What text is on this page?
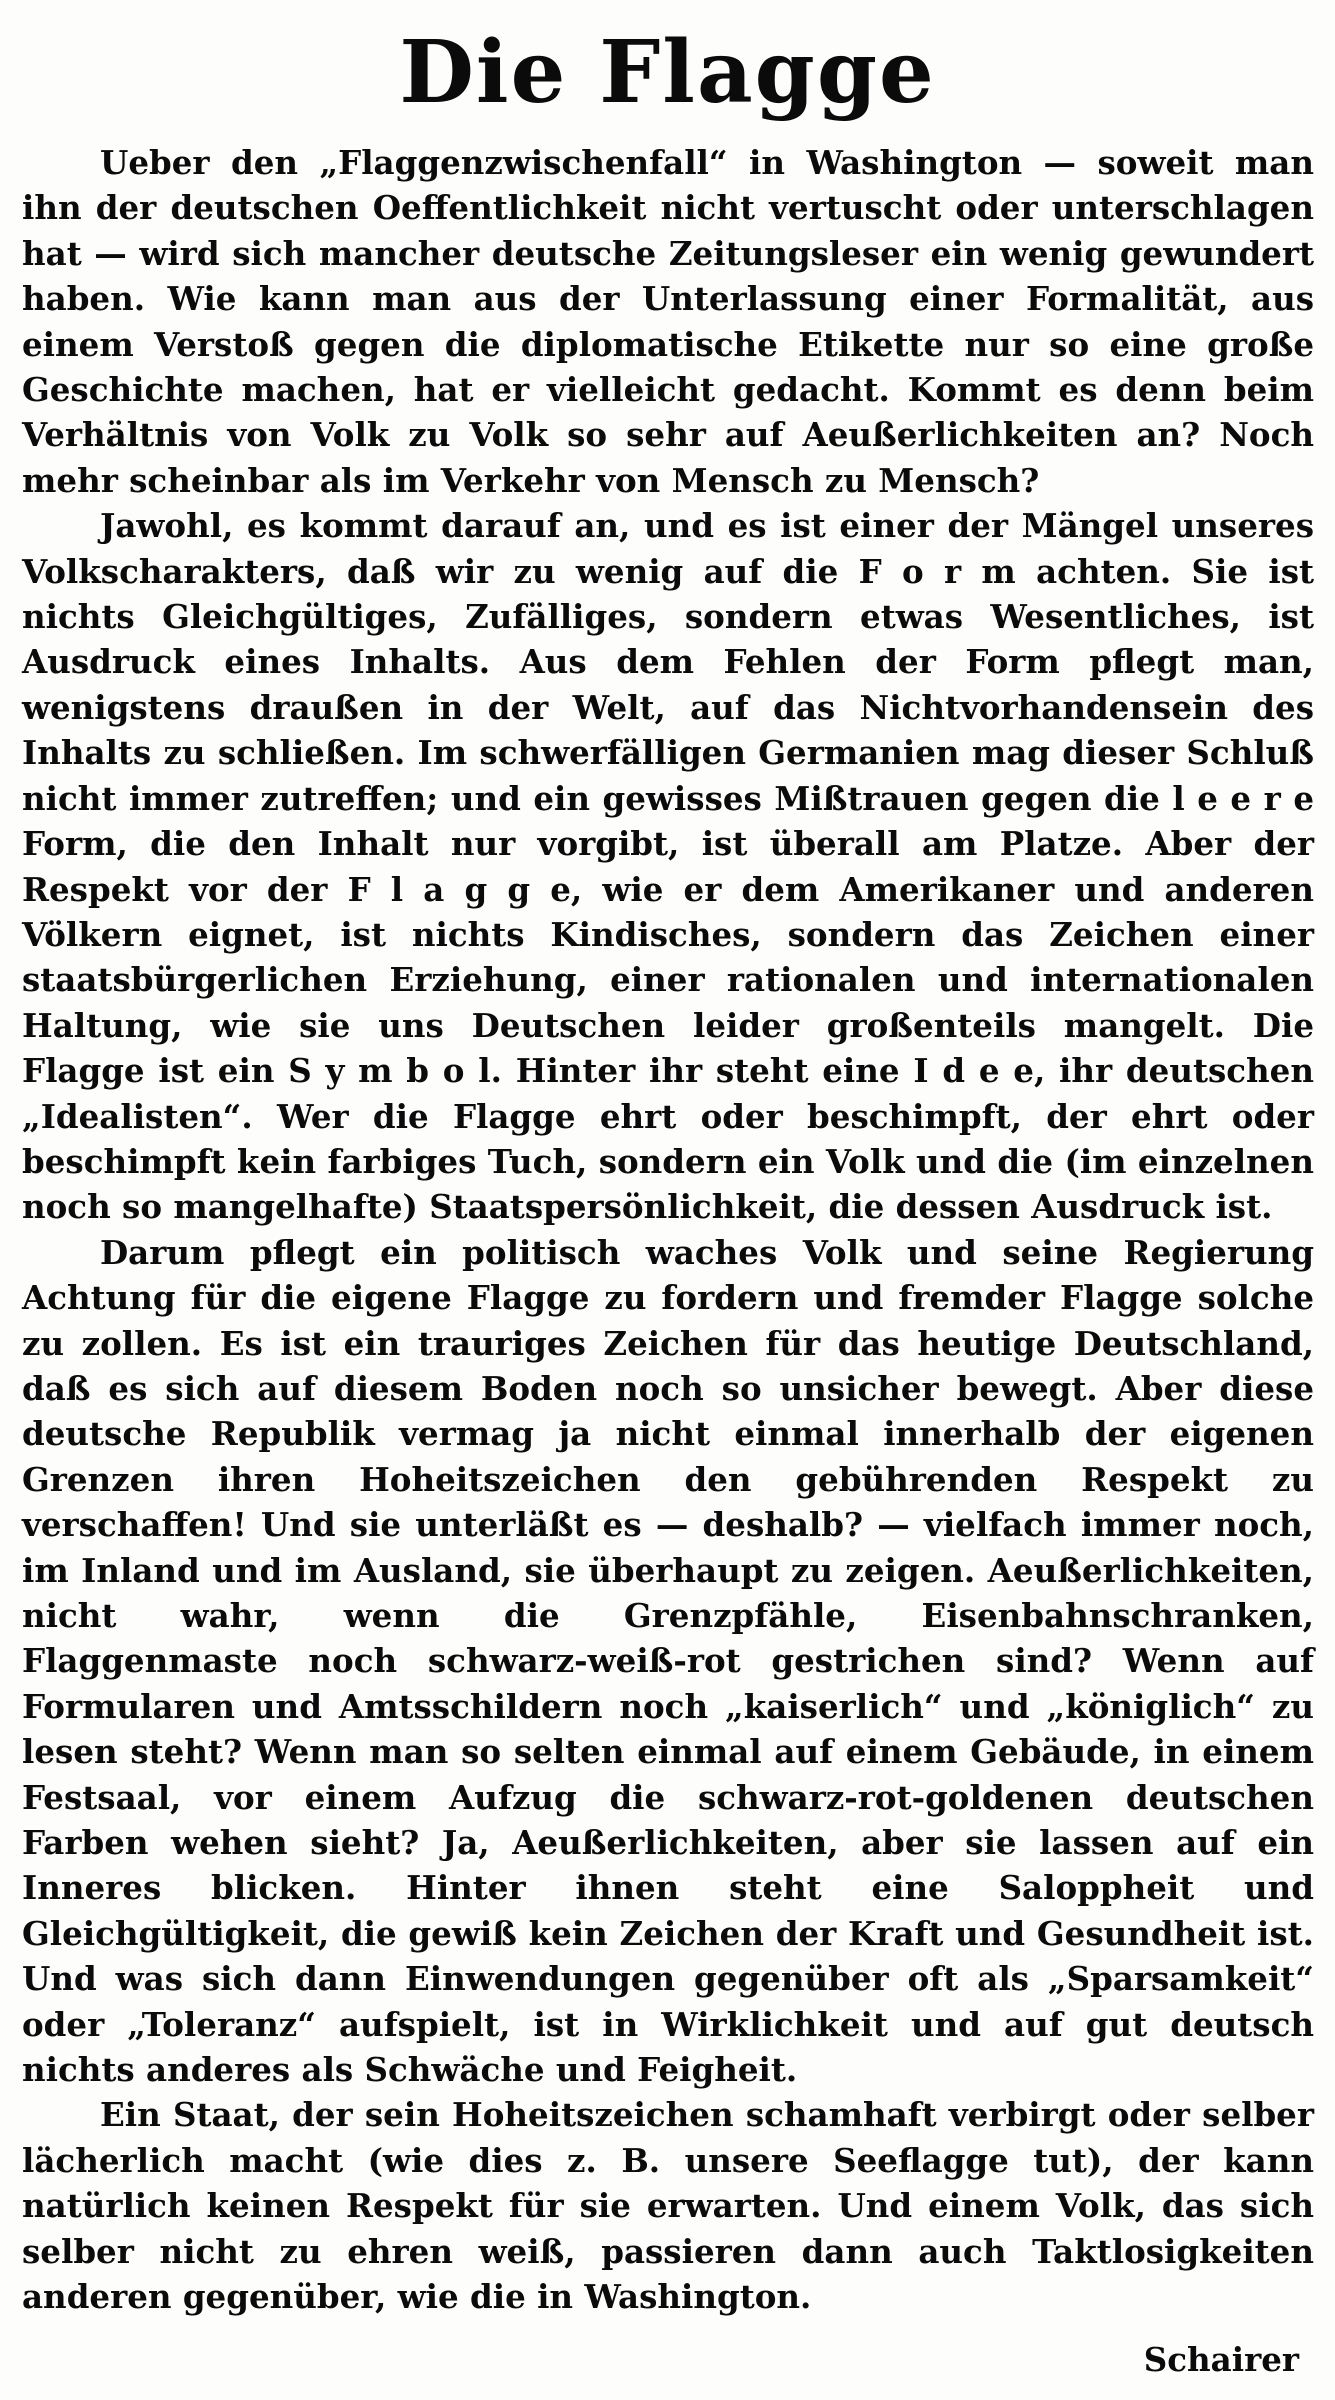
Die Flagge

Ueber den „Flaggenzwischenfall“ in Washington — soweit man ihn der deutschen Oeffentlichkeit nicht vertuscht oder unterschlagen hat — wird sich mancher deutsche Zeitungsleser ein wenig gewundert haben. Wie kann man aus der Unterlassung einer Formalität, aus einem Verstoß gegen die diplomatische Etikette nur so eine große Geschichte machen, hat er vielleicht gedacht. Kommt es denn beim Verhältnis von Volk zu Volk so sehr auf Aeußerlichkeiten an? Noch mehr scheinbar als im Verkehr von Mensch zu Mensch?

Jawohl, es kommt darauf an, und es ist einer der Mängel unseres Volkscharakters, daß wir zu wenig auf die F o r m achten. Sie ist nichts Gleichgültiges, Zufälliges, sondern etwas Wesentliches, ist Ausdruck eines Inhalts. Aus dem Fehlen der Form pflegt man, wenigstens draußen in der Welt, auf das Nichtvorhandensein des Inhalts zu schließen. Im schwerfälligen Germanien mag dieser Schluß nicht immer zutreffen; und ein gewisses Mißtrauen gegen die l e e r e Form, die den Inhalt nur vorgibt, ist überall am Platze. Aber der Respekt vor der F l a g g e, wie er dem Amerikaner und anderen Völkern eignet, ist nichts Kindisches, sondern das Zeichen einer staatsbürgerlichen Erziehung, einer rationalen und internationalen Haltung, wie sie uns Deutschen leider großenteils mangelt. Die Flagge ist ein S y m b o l. Hinter ihr steht eine I d e e, ihr deutschen „Idealisten“. Wer die Flagge ehrt oder beschimpft, der ehrt oder beschimpft kein farbiges Tuch, sondern ein Volk und die (im einzelnen noch so mangelhafte) Staatspersönlichkeit, die dessen Ausdruck ist.

Darum pflegt ein politisch waches Volk und seine Regierung Achtung für die eigene Flagge zu fordern und fremder Flagge solche zu zollen. Es ist ein trauriges Zeichen für das heutige Deutschland, daß es sich auf diesem Boden noch so unsicher bewegt. Aber diese deutsche Republik vermag ja nicht einmal innerhalb der eigenen Grenzen ihren Hoheitszeichen den gebührenden Respekt zu verschaffen! Und sie unterläßt es — deshalb? — vielfach immer noch, im Inland und im Ausland, sie überhaupt zu zeigen. Aeußerlichkeiten, nicht wahr, wenn die Grenzpfähle, Eisenbahnschranken, Flaggenmaste noch schwarz-weiß-rot gestrichen sind? Wenn auf Formularen und Amtsschildern noch „kaiserlich“ und „königlich“ zu lesen steht? Wenn man so selten einmal auf einem Gebäude, in einem Festsaal, vor einem Aufzug die schwarz-rot-goldenen deutschen Farben wehen sieht? Ja, Aeußerlichkeiten, aber sie lassen auf ein Inneres blicken. Hinter ihnen steht eine Saloppheit und Gleichgültigkeit, die gewiß kein Zeichen der Kraft und Gesundheit ist. Und was sich dann Einwendungen gegenüber oft als „Sparsamkeit“ oder „Toleranz“ aufspielt, ist in Wirklichkeit und auf gut deutsch nichts anderes als Schwäche und Feigheit.

Ein Staat, der sein Hoheitszeichen schamhaft verbirgt oder selber lächerlich macht (wie dies z. B. unsere Seeflagge tut), der kann natürlich keinen Respekt für sie erwarten. Und einem Volk, das sich selber nicht zu ehren weiß, passieren dann auch Taktlosigkeiten anderen gegenüber, wie die in Washington.

Schairer
